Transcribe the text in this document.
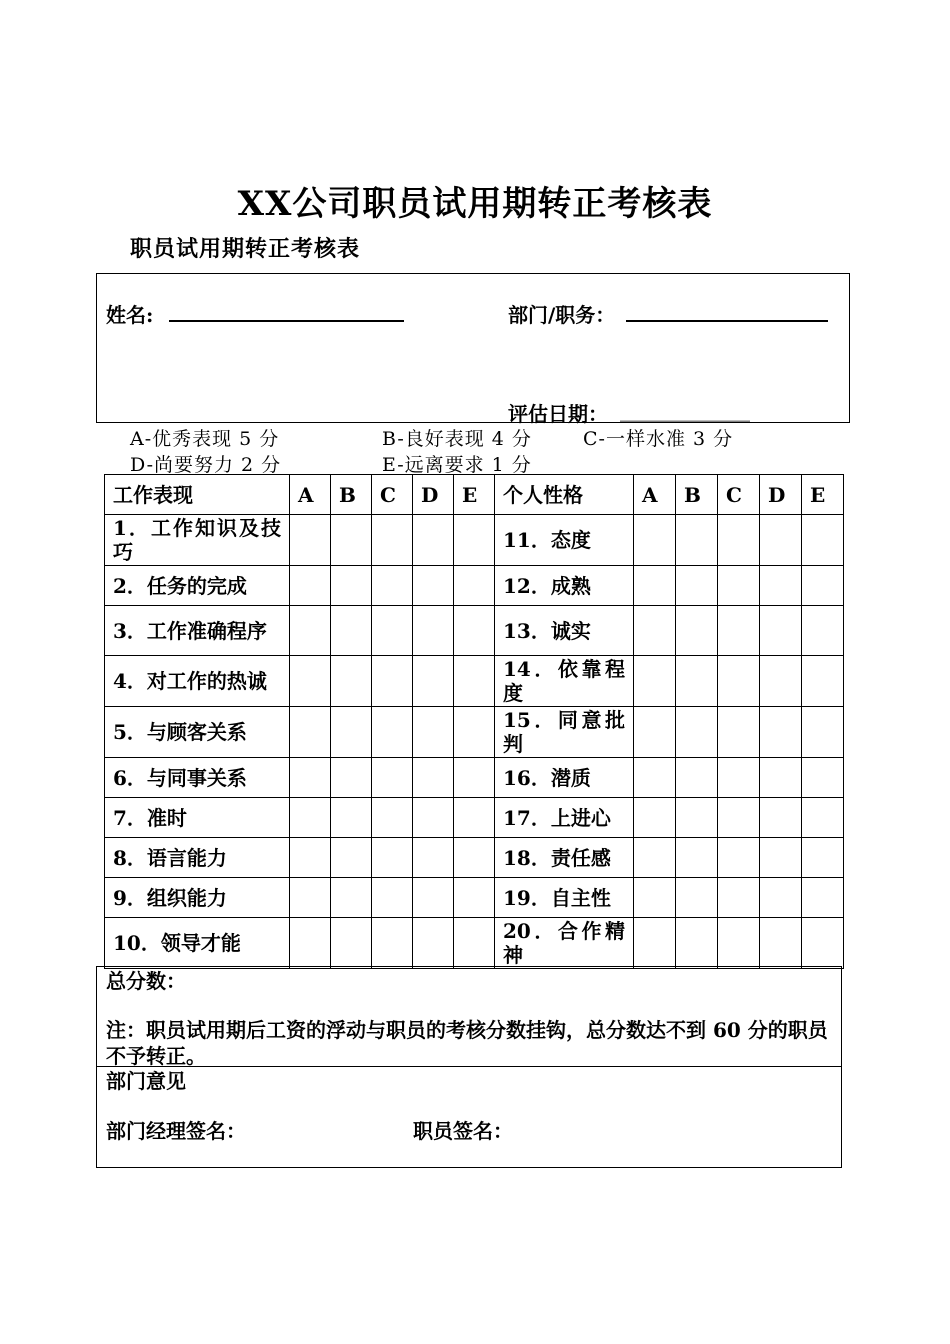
XX公司职员试用期转正考核表
职员试用期转正考核表
姓名:	部门/职务：
评估日期： _____________
A-优秀表现 5 分	B-良好表现 4 分	C-一样水准 3 分
D-尚要努力 2 分	E-远离要求 1 分
工作表现	A	B	C	D	E	个人性格	A	B	C	D	E
1．工作知识及技巧						11．态度					
2．任务的完成						12．成熟					
3．工作准确程序						13．诚实					
4．对工作的热诚						14．依靠程度					
5．与顾客关系						15．同意批判					
6．与同事关系						16．潜质					
7．准时						17．上进心					
8．语言能力						18．责任感					
9．组织能力						19．自主性					
10．领导才能						20．合作精神					
总分数：
注：职员试用期后工资的浮动与职员的考核分数挂钩，总分数达不到 60 分的职员不予转正。
部门意见
部门经理签名：	职员签名：
